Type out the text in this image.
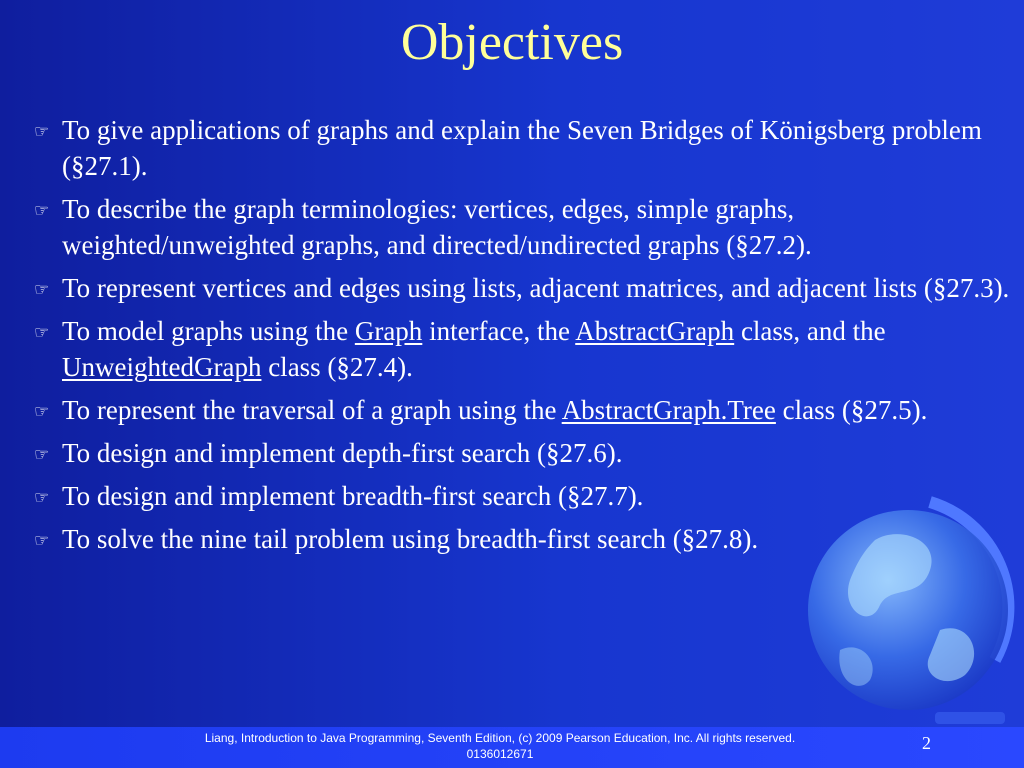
Objectives
☞ To give applications of graphs and explain the Seven Bridges of Königsberg problem (§27.1).
☞ To describe the graph terminologies: vertices, edges, simple graphs, weighted/unweighted graphs, and directed/undirected graphs (§27.2).
☞ To represent vertices and edges using lists, adjacent matrices, and adjacent lists (§27.3).
☞ To model graphs using the Graph interface, the AbstractGraph class, and the UnweightedGraph class (§27.4).
☞ To represent the traversal of a graph using the AbstractGraph.Tree class (§27.5).
☞ To design and implement depth-first search (§27.6).
☞ To design and implement breadth-first search (§27.7).
☞ To solve the nine tail problem using breadth-first search (§27.8).
Liang, Introduction to Java Programming, Seventh Edition, (c) 2009 Pearson Education, Inc. All rights reserved. 0136012671
2
